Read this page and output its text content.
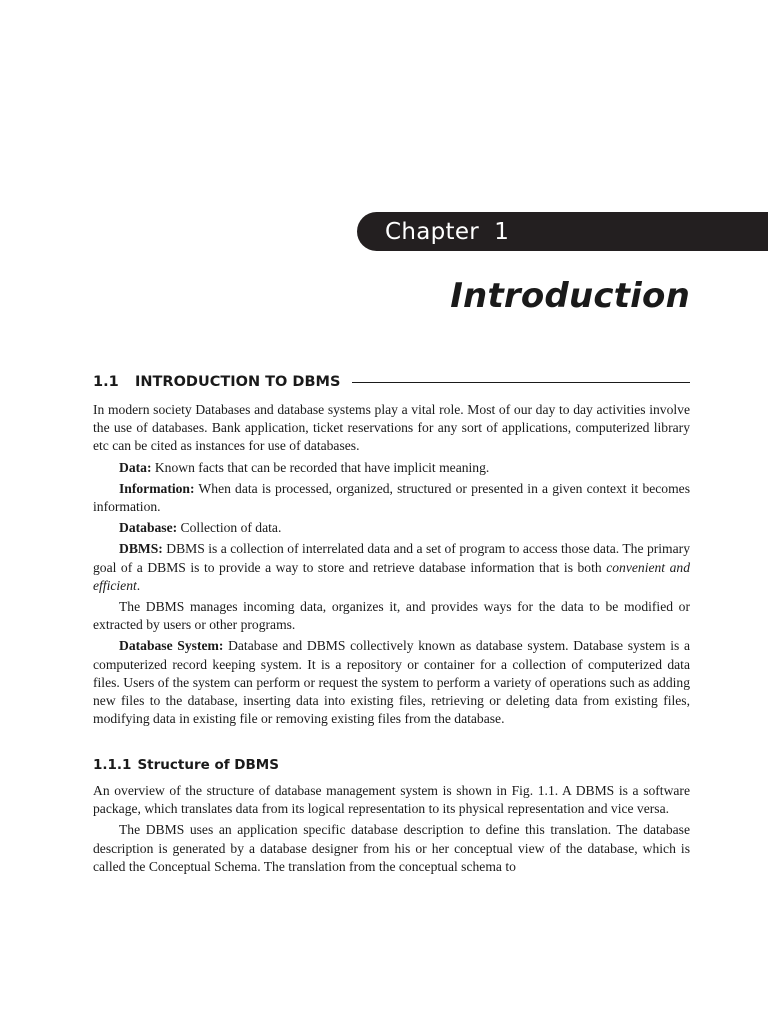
Chapter  1
Introduction
1.1	INTRODUCTION TO DBMS

In modern society Databases and database systems play a vital role. Most of our day to day activities involve the use of databases. Bank application, ticket reservations for any sort of applications, computerized library etc can be cited as instances for use of databases.

Data: Known facts that can be recorded that have implicit meaning.

Information: When data is processed, organized, structured or presented in a given context it becomes information.

Database: Collection of data.

DBMS: DBMS is a collection of interrelated data and a set of program to access those data. The primary goal of a DBMS is to provide a way to store and retrieve database information that is both convenient and efficient.

The DBMS manages incoming data, organizes it, and provides ways for the data to be modified or extracted by users or other programs.

Database System: Database and DBMS collectively known as database system. Database system is a computerized record keeping system. It is a repository or container for a collection of computerized data files. Users of the system can perform or request the system to perform a variety of operations such as adding new files to the database, inserting data into existing files, retrieving or deleting data from existing files, modifying data in existing file or removing existing files from the database.

1.1.1 Structure of DBMS

An overview of the structure of database management system is shown in Fig. 1.1. A DBMS is a software package, which translates data from its logical representation to its physical representation and vice versa.

The DBMS uses an application specific database description to define this translation. The database description is generated by a database designer from his or her conceptual view of the database, which is called the Conceptual Schema. The translation from the conceptual schema to
